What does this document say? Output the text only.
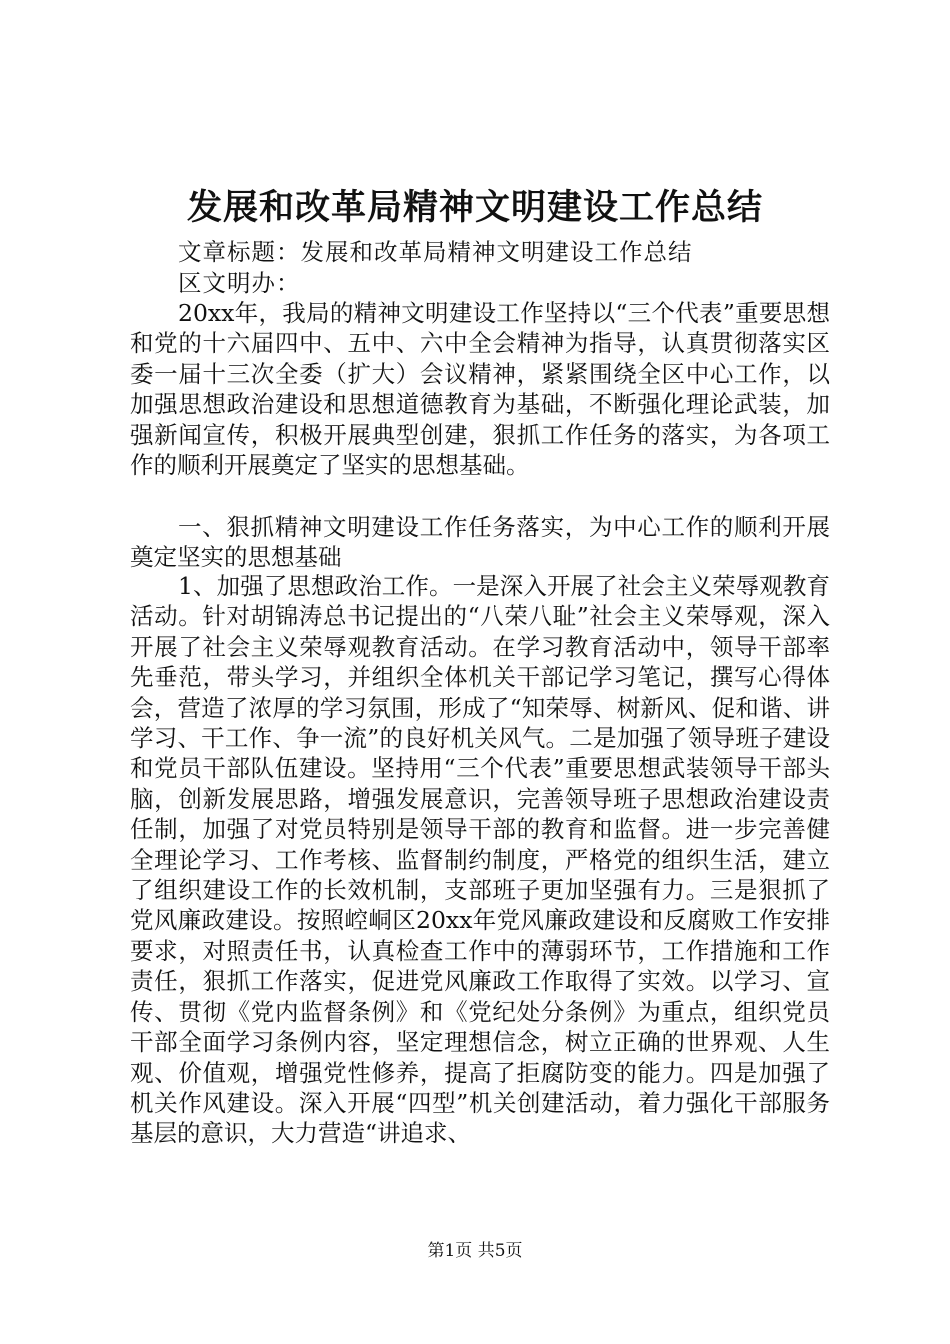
发展和改革局精神文明建设工作总结

文章标题：发展和改革局精神文明建设工作总结

区文明办：

20xx年，我局的精神文明建设工作坚持以“三个代表”重要思想和党的十六届四中、五中、六中全会精神为指导，认真贯彻落实区委一届十三次全委（扩大）会议精神，紧紧围绕全区中心工作，以加强思想政治建设和思想道德教育为基础，不断强化理论武装，加强新闻宣传，积极开展典型创建，狠抓工作任务的落实，为各项工作的顺利开展奠定了坚实的思想基础。

一、狠抓精神文明建设工作任务落实，为中心工作的顺利开展奠定坚实的思想基础

1、加强了思想政治工作。一是深入开展了社会主义荣辱观教育活动。针对胡锦涛总书记提出的“八荣八耻”社会主义荣辱观，深入开展了社会主义荣辱观教育活动。在学习教育活动中，领导干部率先垂范，带头学习，并组织全体机关干部记学习笔记，撰写心得体会，营造了浓厚的学习氛围，形成了“知荣辱、树新风、促和谐、讲学习、干工作、争一流”的良好机关风气。二是加强了领导班子建设和党员干部队伍建设。坚持用“三个代表”重要思想武装领导干部头脑，创新发展思路，增强发展意识，完善领导班子思想政治建设责任制，加强了对党员特别是领导干部的教育和监督。进一步完善健全理论学习、工作考核、监督制约制度，严格党的组织生活，建立了组织建设工作的长效机制，支部班子更加坚强有力。三是狠抓了党风廉政建设。按照崆峒区20xx年党风廉政建设和反腐败工作安排要求，对照责任书，认真检查工作中的薄弱环节，工作措施和工作责任，狠抓工作落实，促进党风廉政工作取得了实效。以学习、宣传、贯彻《党内监督条例》和《党纪处分条例》为重点，组织党员干部全面学习条例内容，坚定理想信念，树立正确的世界观、人生观、价值观，增强党性修养，提高了拒腐防变的能力。四是加强了机关作风建设。深入开展“四型”机关创建活动，着力强化干部服务基层的意识，大力营造“讲追求、

第1页 共5页
